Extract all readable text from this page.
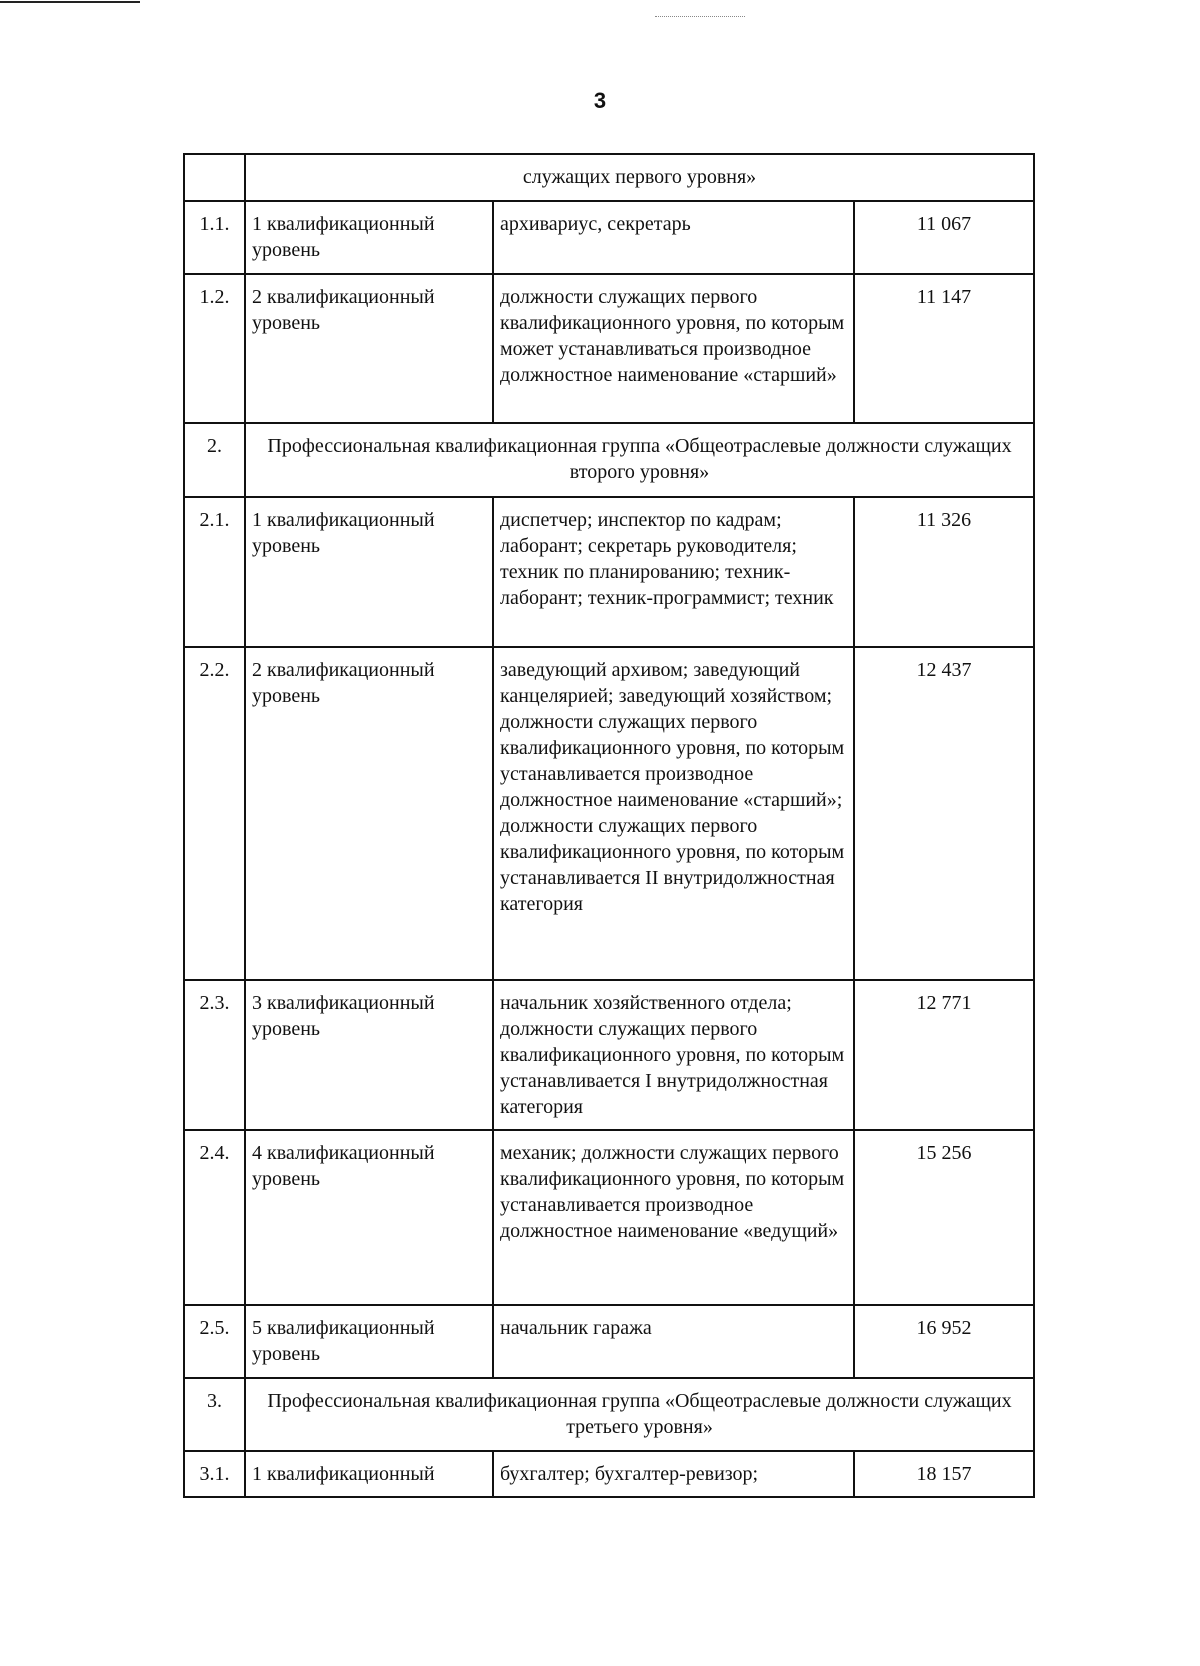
3
	служащих первого уровня»		
1.1.	1 квалификационный уровень	архивариус, секретарь	11 067
1.2.	2 квалификационный уровень	должности служащих первого квалификационного уровня, по которым может устанавливаться производное должностное наименование «старший»	11 147
2.	Профессиональная квалификационная группа «Общеотраслевые должности служащих второго уровня»		
2.1.	1 квалификационный уровень	диспетчер; инспектор по кадрам; лаборант; секретарь руководителя; техник по планированию; техник-лаборант; техник-программист; техник	11 326
2.2.	2 квалификационный уровень	заведующий архивом; заведующий канцелярией; заведующий хозяйством; должности служащих первого квалификационного уровня, по которым устанавливается производное должностное наименование «старший»; должности служащих первого квалификационного уровня, по которым устанавливается II внутридолжностная категория	12 437
2.3.	3 квалификационный уровень	начальник хозяйственного отдела; должности служащих первого квалификационного уровня, по которым устанавливается I внутридолжностная категория	12 771
2.4.	4 квалификационный уровень	механик; должности служащих первого квалификационного уровня, по которым устанавливается производное должностное наименование «ведущий»	15 256
2.5.	5 квалификационный уровень	начальник гаража	16 952
3.	Профессиональная квалификационная группа «Общеотраслевые должности служащих третьего уровня»		
3.1.	1 квалификационный	бухгалтер; бухгалтер-ревизор;	18 157
